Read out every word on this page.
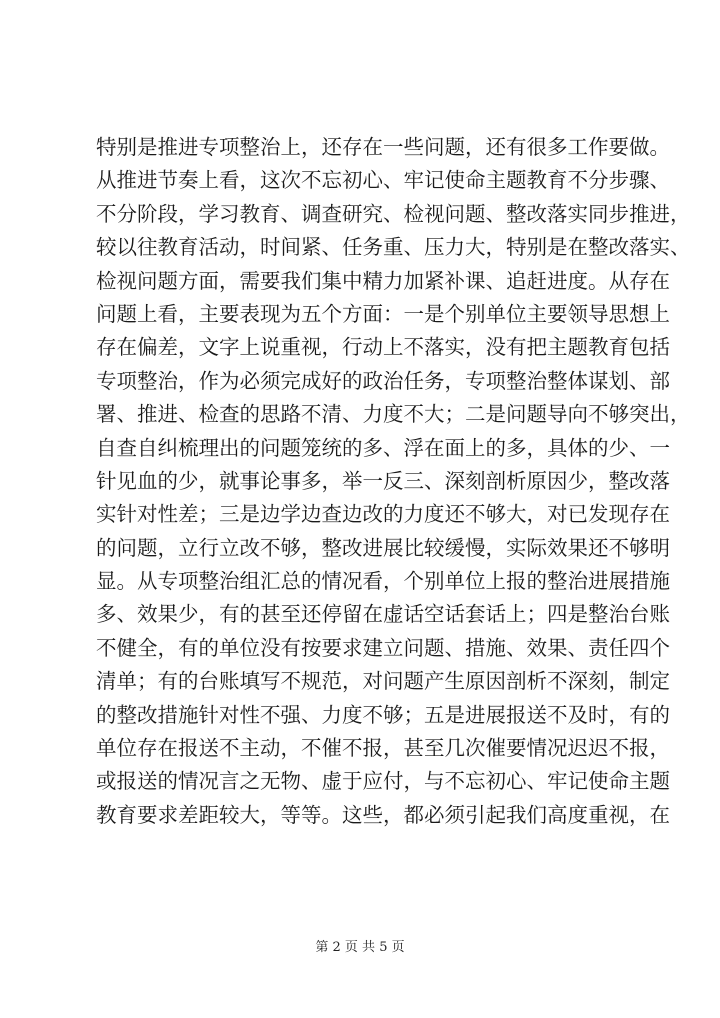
特别是推进专项整治上，还存在一些问题，还有很多工作要做。
从推进节奏上看，这次不忘初心、牢记使命主题教育不分步骤、
不分阶段，学习教育、调查研究、检视问题、整改落实同步推进，
较以往教育活动，时间紧、任务重、压力大，特别是在整改落实、
检视问题方面，需要我们集中精力加紧补课、追赶进度。从存在
问题上看，主要表现为五个方面：一是个别单位主要领导思想上
存在偏差，文字上说重视，行动上不落实，没有把主题教育包括
专项整治，作为必须完成好的政治任务，专项整治整体谋划、部
署、推进、检查的思路不清、力度不大；二是问题导向不够突出，
自查自纠梳理出的问题笼统的多、浮在面上的多，具体的少、一
针见血的少，就事论事多，举一反三、深刻剖析原因少，整改落
实针对性差；三是边学边查边改的力度还不够大，对已发现存在
的问题，立行立改不够，整改进展比较缓慢，实际效果还不够明
显。从专项整治组汇总的情况看，个别单位上报的整治进展措施
多、效果少，有的甚至还停留在虚话空话套话上；四是整治台账
不健全，有的单位没有按要求建立问题、措施、效果、责任四个
清单；有的台账填写不规范，对问题产生原因剖析不深刻，制定
的整改措施针对性不强、力度不够；五是进展报送不及时，有的
单位存在报送不主动，不催不报，甚至几次催要情况迟迟不报，
或报送的情况言之无物、虚于应付，与不忘初心、牢记使命主题
教育要求差距较大，等等。这些，都必须引起我们高度重视，在
第 2 页 共 5 页
